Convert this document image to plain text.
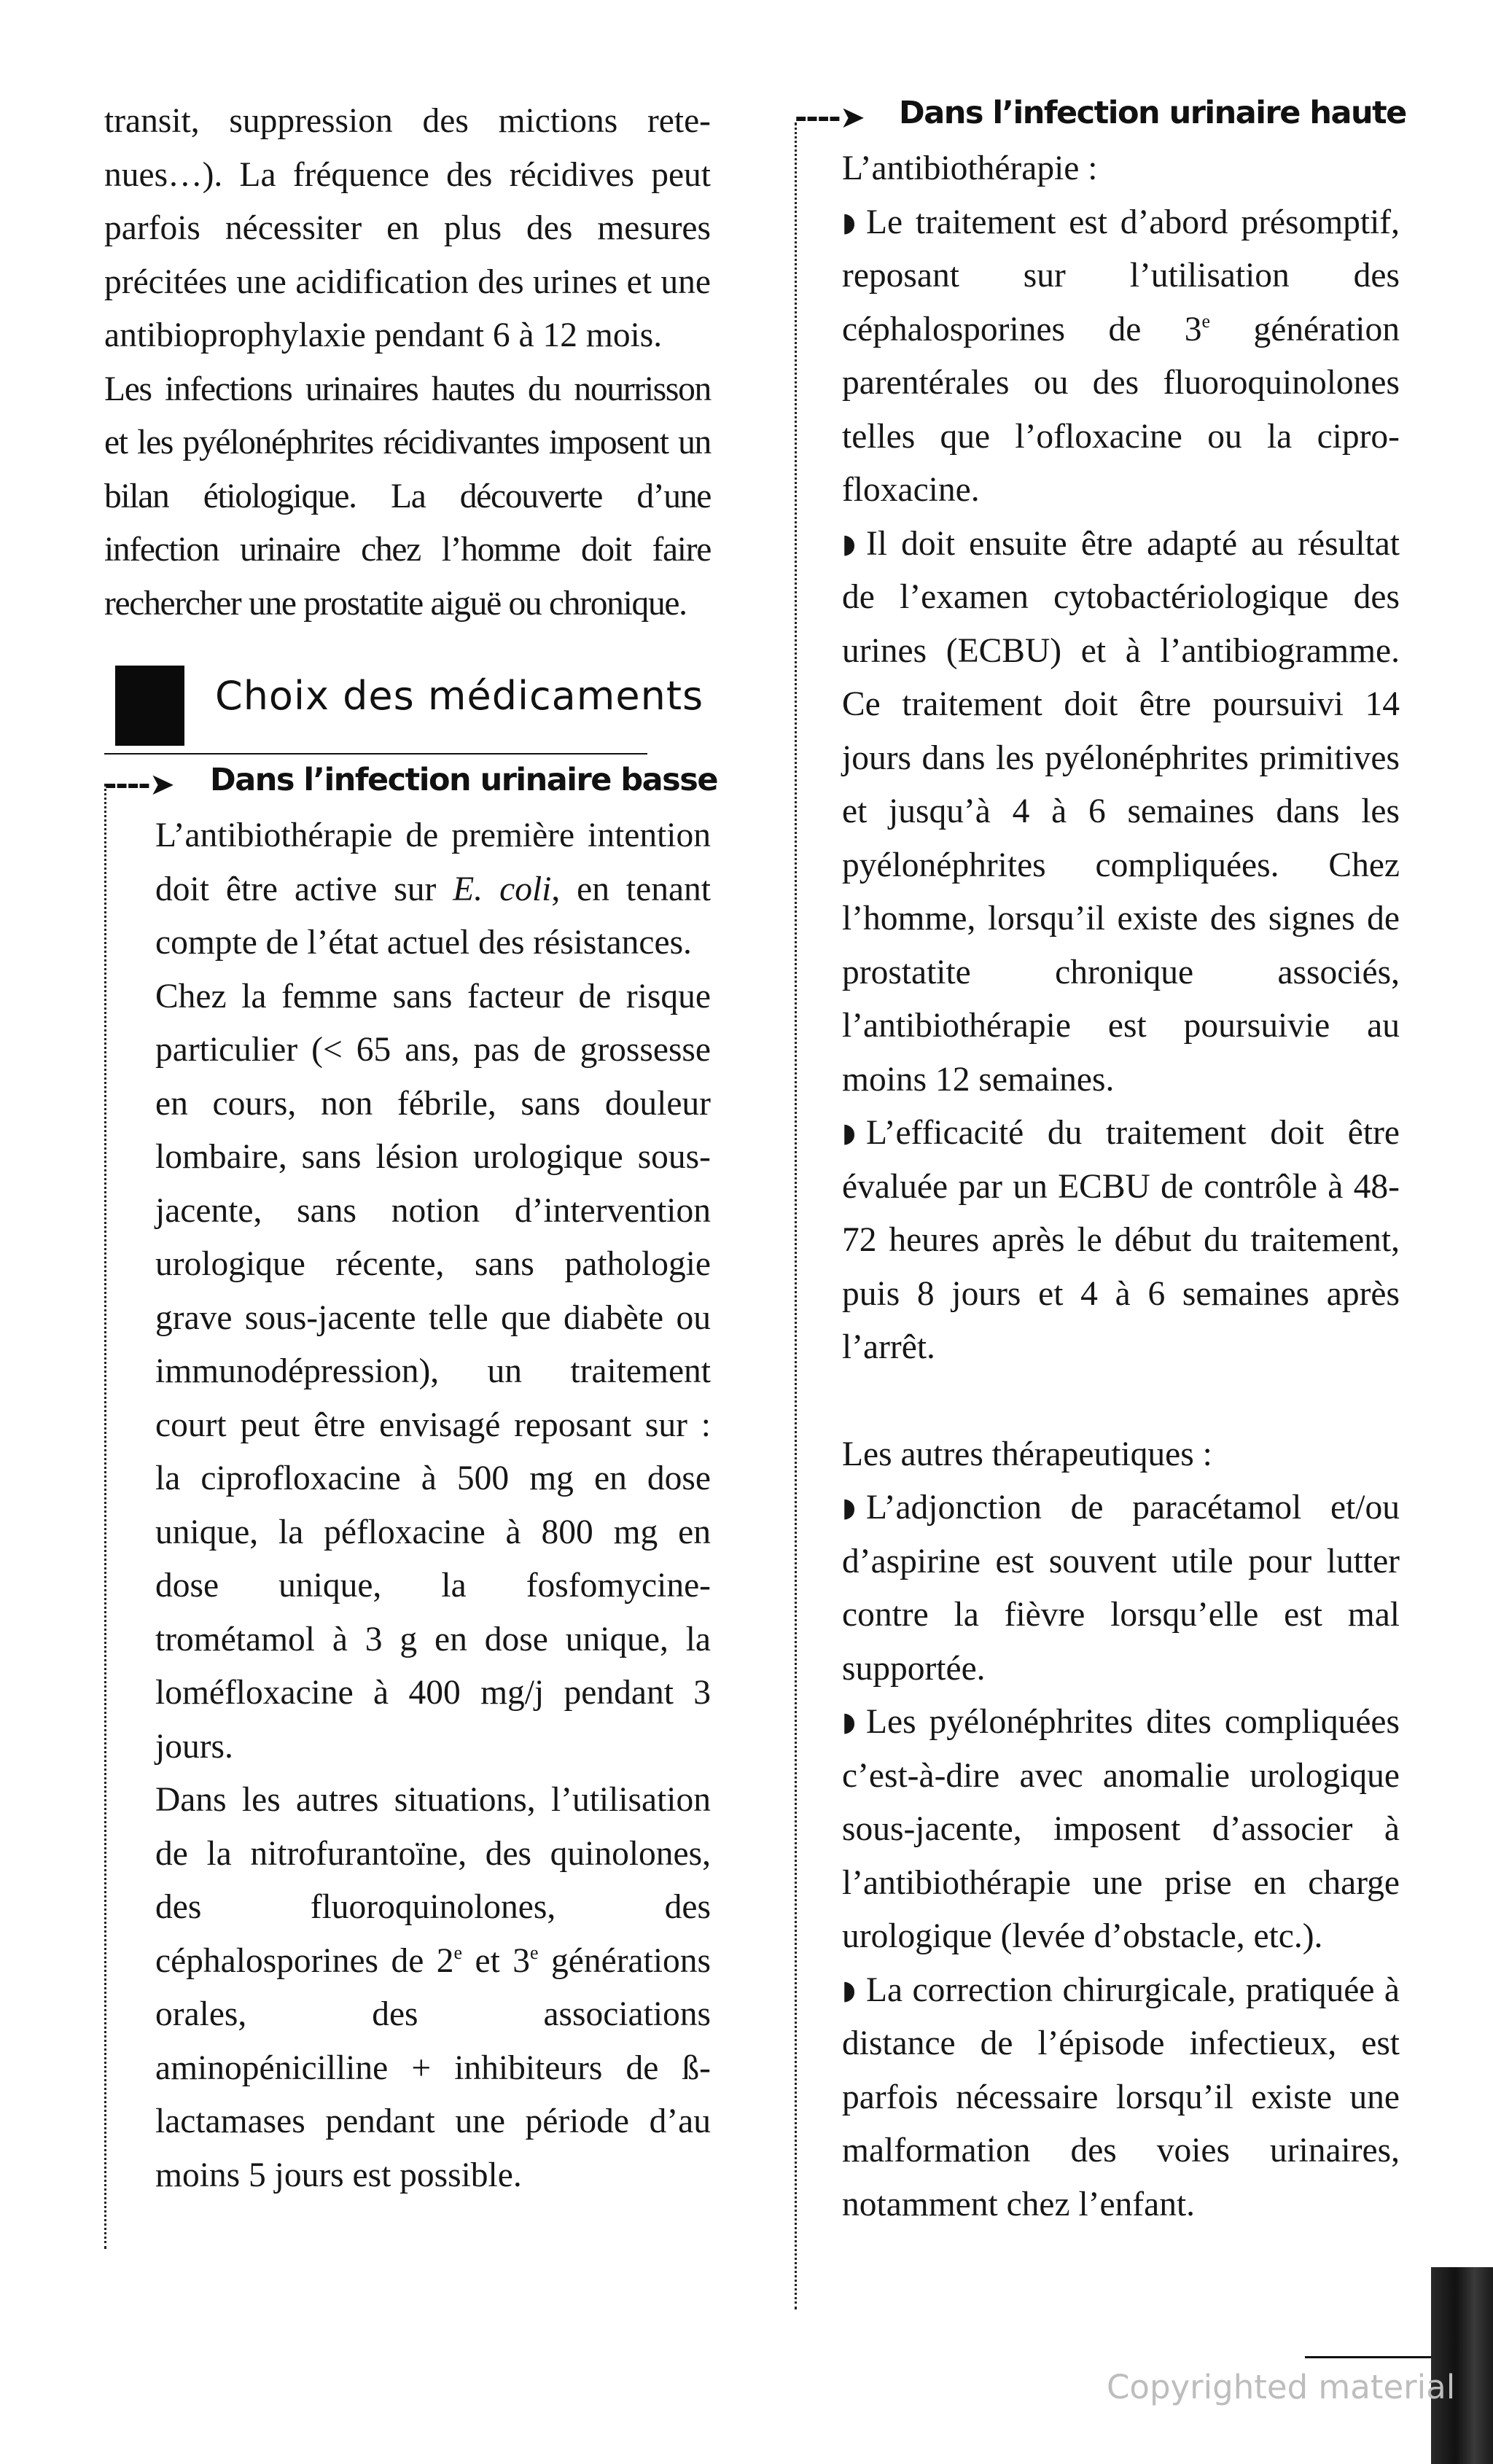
transit, suppression des mictions retenues…). La fréquence des récidives peut parfois nécessiter en plus des mesures précitées une acidification des urines et une antibioprophylaxie pendant 6 à 12 mois.

Les infections urinaires hautes du nourrisson et les pyélonéphrites récidivantes imposent un bilan étiologique. La découverte d’une infection urinaire chez l’homme doit faire rechercher une prostatite aiguë ou chronique.

Choix des médicaments
----➤ Dans l’infection urinaire basse

L’antibiothérapie de première intention doit être active sur E. coli, en tenant compte de l’état actuel des résistances.

Chez la femme sans facteur de risque particulier (< 65 ans, pas de grossesse en cours, non fébrile, sans douleur lombaire, sans lésion urologique sous-jacente, sans notion d’intervention urologique récente, sans pathologie grave sous-jacente telle que diabète ou immunodépression), un traitement court peut être envisagé reposant sur : la ciprofloxacine à 500 mg en dose unique, la péfloxacine à 800 mg en dose unique, la fosfomycine-trométamol à 3 g en dose unique, la loméfloxacine à 400 mg/j pendant 3 jours.

Dans les autres situations, l’utilisation de la nitrofurantoïne, des quinolones, des fluoroquinolones, des céphalosporines de 2e et 3e générations orales, des associations aminopénicilline + inhibiteurs de ß-lactamases pendant une période d’au moins 5 jours est possible.

----➤ Dans l’infection urinaire haute

L’antibiothérapie :

◗ Le traitement est d’abord présomptif, reposant sur l’utilisation des céphalosporines de 3e génération parentérales ou des fluoroquinolones telles que l’ofloxacine ou la ciprofloxacine.

◗ Il doit ensuite être adapté au résultat de l’examen cytobactériologique des urines (ECBU) et à l’antibiogramme. Ce traitement doit être poursuivi 14 jours dans les pyélonéphrites primitives et jusqu’à 4 à 6 semaines dans les pyélonéphrites compliquées. Chez l’homme, lorsqu’il existe des signes de prostatite chronique associés, l’antibiothérapie est poursuivie au moins 12 semaines.

◗ L’efficacité du traitement doit être évaluée par un ECBU de contrôle à 48-72 heures après le début du traitement, puis 8 jours et 4 à 6 semaines après l’arrêt.

Les autres thérapeutiques :

◗ L’adjonction de paracétamol et/ou d’aspirine est souvent utile pour lutter contre la fièvre lorsqu’elle est mal supportée.

◗ Les pyélonéphrites dites compliquées c’est-à-dire avec anomalie urologique sous-jacente, imposent d’associer à l’antibiothérapie une prise en charge urologique (levée d’obstacle, etc.).

◗ La correction chirurgicale, pratiquée à distance de l’épisode infectieux, est parfois nécessaire lorsqu’il existe une malformation des voies urinaires, notamment chez l’enfant.

Copyrighted material
